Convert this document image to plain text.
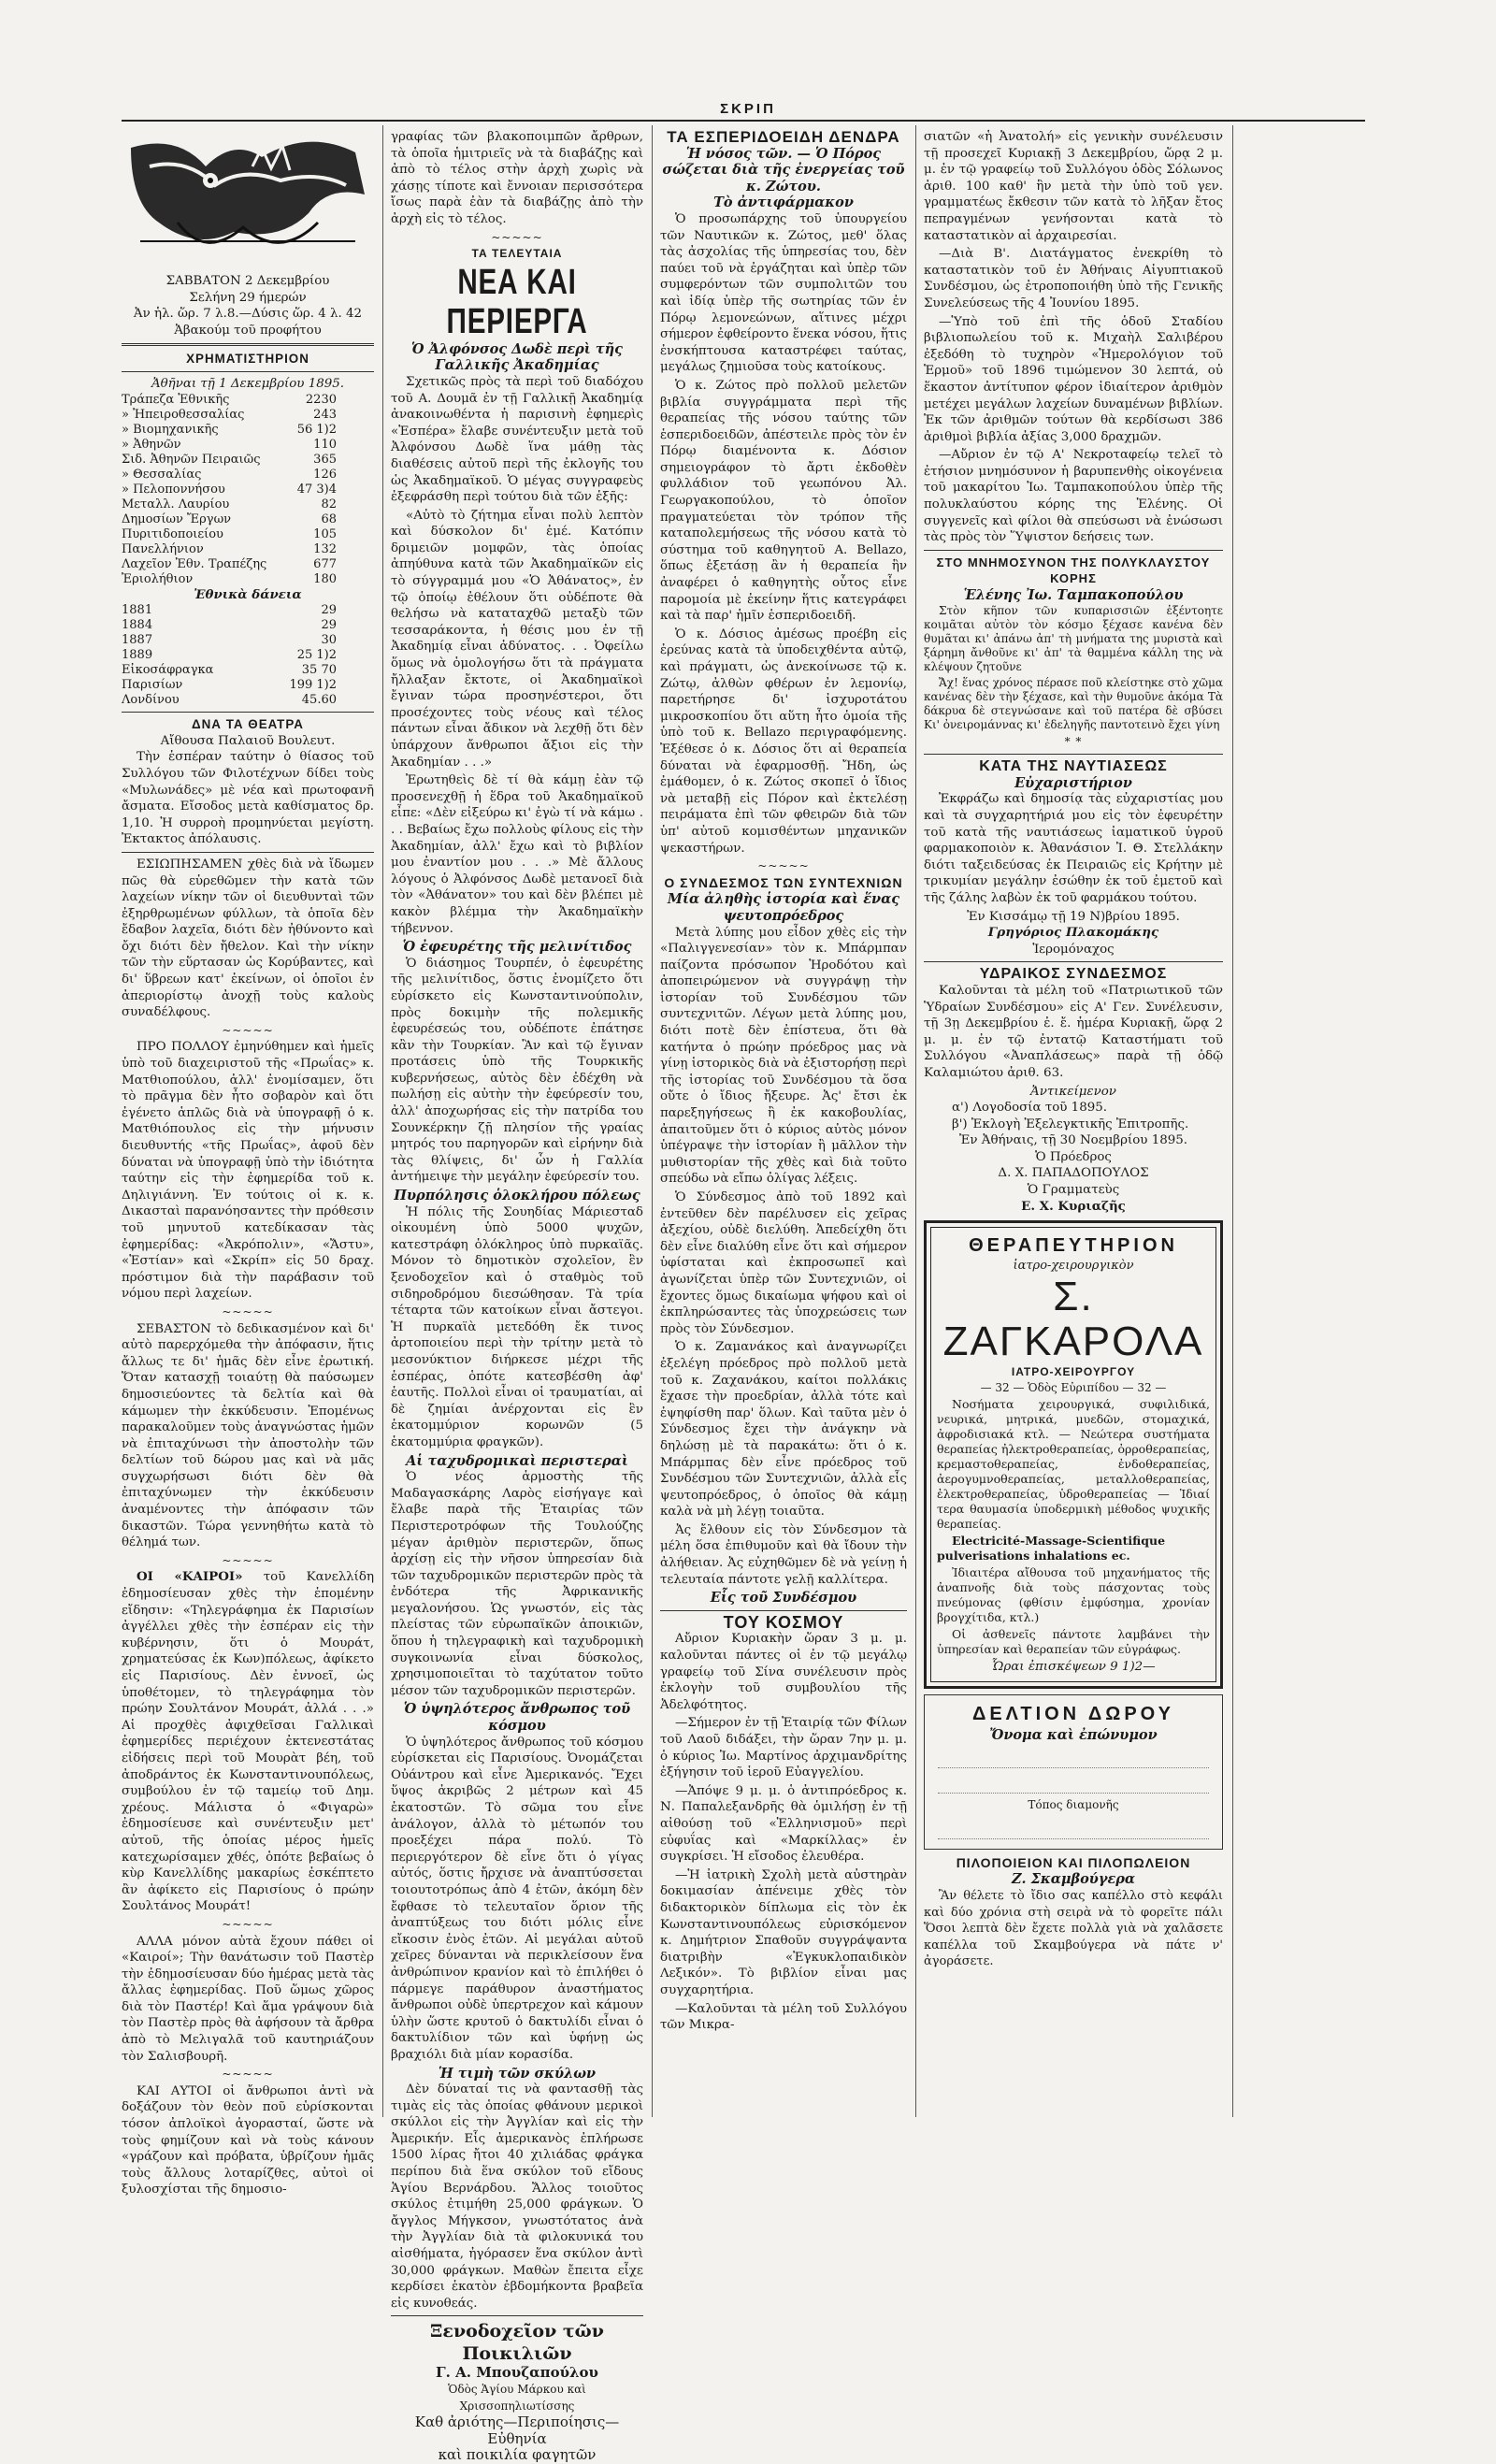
ΣΚΡΙΠ
ΣΑΒΒΑΤΟΝ 2 Δεκεμβρίου
Σελήνη 29 ήμερών
Ἀν ἡλ. ὥρ. 7 λ.8.—Δύσις ὥρ. 4 λ. 42
Ἀβακούμ τοῦ προφήτου
ΧΡΗΜΑΤΙΣΤΗΡΙΟΝ
Ἀθῆναι τῇ 1 Δεκεμβρίου 1895.
Τράπεζα Ἐθνικῆς	2230
» Ἠπειροθεσσαλίας	243
» Βιομηχανικῆς	56 1)2
» Ἀθηνῶν	110
Σιδ. Ἀθηνῶν Πειραιῶς	365
» Θεσσαλίας	126
» Πελοποννήσου	47 3)4
Μεταλλ. Λαυρίου	82
Δημοσίων Ἔργων	68
Πυριτιδοποιείου	105
Πανελλήνιον	132
Λαχεῖον Ἐθν. Τραπέζης	677
Ἐριολήθιον	180
Ἐθνικὰ δάνεια
1881	29
1884	29
1887	30
1889	25 1)2
Εἰκοσάφραγκα	35 70
Παρισίων	199 1)2
Λονδίνου	45.60
ΔΝΑ ΤΑ ΘΕΑΤΡΑ
Αἴθουσα Παλαιοῦ Βουλευτ.

Τὴν ἑσπέραν ταύτην ὁ θίασος τοῦ Συλλόγου τῶν Φιλοτέχνων δίδει τοὺς «Μυλωνάδες» μὲ νέα καὶ πρωτοφανῆ ἄσματα. Εἴσοδος μετὰ καθίσματος δρ. 1,10. Ἡ συρροὴ προμηνύεται μεγίστη. Ἐκτακτος ἀπόλαυσις.

ΕΣΙΩΠΗΣΑΜΕΝ χθὲς διὰ νὰ ἴδωμεν πῶς θὰ εὑρεθῶμεν τὴν κατὰ τῶν λαχείων νίκην τῶν οἱ διευθυνταὶ τῶν ἐξηρθρωμένων φύλλων, τὰ ὁποῖα δὲν ἔδαβον λαχεῖα, διότι δὲν ἠθύνοντο καὶ ὄχι διότι δὲν ἤθελον. Καὶ τὴν νίκην τῶν τὴν εὕρτασαν ὡς Κορύβαντες, καὶ δι' ὕβρεων κατ' ἐκείνων, οἱ ὁποῖοι ἐν ἀπεριορίστῳ ἀνοχῇ τοὺς καλοὺς συναδέλφους.

~~~~~

ΠΡΟ ΠΟΛΛΟΥ ἐμηνύθημεν καὶ ἡμεῖς ὑπὸ τοῦ διαχειριστοῦ τῆς «Πρωΐας» κ. Ματθιοπούλου, ἀλλ' ἐνομίσαμεν, ὅτι τὸ πρᾶγμα δὲν ἦτο σοβαρὸν καὶ ὅτι ἐγένετο ἁπλῶς διὰ νὰ ὑπογραφῇ ὁ κ. Ματθιόπουλος εἰς τὴν μήνυσιν διευθυντής «τῆς Πρωΐας», ἀφοῦ δὲν δύναται νὰ ὑπογραφῇ ὑπὸ τὴν ἰδιότητα ταύτην εἰς τὴν ἐφημερίδα τοῦ κ. Δηλιγιάννη. Ἐν τούτοις οἱ κ. κ. Δικασταὶ παρανόησαντες τὴν πρόθεσιν τοῦ μηνυτοῦ κατεδίκασαν τὰς ἐφημερίδας: «Ἀκρόπολιν», «Ἄστυ», «Ἑστίαν» καὶ «Σκρίπ» εἰς 50 δραχ. πρόστιμον διὰ τὴν παράβασιν τοῦ νόμου περὶ λαχείων.

~~~~~

ΣΕΒΑΣΤΟΝ τὸ δεδικασμένον καὶ δι' αὐτὸ παρερχόμεθα τὴν ἀπόφασιν, ἥτις ἄλλως τε δι' ἡμᾶς δὲν εἶνε ἐρωτική. Ὅταν κατασχῇ τοιαύτῃ θὰ παύσωμεν δημοσιεύοντες τὰ δελτία καὶ θὰ κάμωμεν τὴν ἐκκύδευσιν. Ἐπομένως παρακαλοῦμεν τοὺς ἀναγνώστας ἡμῶν νὰ ἐπιταχύνωσι τὴν ἀποστολὴν τῶν δελτίων τοῦ δώρου μας καὶ νὰ μᾶς συγχωρήσωσι διότι δὲν θὰ ἐπιταχύνωμεν τὴν ἐκκύδευσιν ἀναμένοντες τὴν ἀπόφασιν τῶν δικαστῶν. Τώρα γεννηθήτω κατὰ τὸ θέλημά των.

~~~~~

ΟΙ «ΚΑΙΡΟΙ» τοῦ Κανελλίδη ἐδημοσίευσαν χθὲς τὴν ἑπομένην εἴδησιν: «Τηλεγράφημα ἐκ Παρισίων ἀγγέλλει χθὲς τὴν ἑσπέραν εἰς τὴν κυβέρνησιν, ὅτι ὁ Μουράτ, χρηματεύσας ἐκ Κων)πόλεως, ἀφίκετο εἰς Παρισίους. Δὲν ἐννοεῖ, ὡς ὑποθέτομεν, τὸ τηλεγράφημα τὸν πρώην Σουλτάνον Μουράτ, ἀλλά . . .» Αἱ προχθὲς ἀφιχθεῖσαι Γαλλικαὶ ἐφημερίδες περιέχουν ἐκτενεστάτας εἰδήσεις περὶ τοῦ Μουρὰτ βέη, τοῦ ἀποδράντος ἐκ Κωνσταντινουπόλεως, συμβούλου ἐν τῷ ταμείῳ τοῦ Δημ. χρέους. Μάλιστα ὁ «Φιγαρὼ» ἐδημοσίευσε καὶ συνέντευξιν μετ' αὐτοῦ, τῆς ὁποίας μέρος ἡμεῖς κατεχωρίσαμεν χθές, ὁπότε βεβαίως ὁ κὺρ Κανελλίδης μακαρίως ἐσκέπτετο ἂν ἀφίκετο εἰς Παρισίους ὁ πρώην Σουλτάνος Μουράτ!

~~~~~

ΑΛΛΑ μόνον αὐτὰ ἔχουν πάθει οἱ «Καιροί»; Τὴν θανάτωσιν τοῦ Παστὲρ τὴν ἐδημοσίευσαν δύο ἡμέρας μετὰ τὰς ἄλλας ἐφημερίδας. Ποῦ ὥμως χῶρος διὰ τὸν Παστέρ! Καὶ ἅμα γράψουν διὰ τὸν Παστὲρ πρὸς θὰ ἀφήσουν τὰ ἄρθρα ἀπὸ τὸ Μελιγαλᾶ τοῦ καυτηριάζουν τὸν Σαλισβουρῆ.

~~~~~

ΚΑΙ ΑΥΤΟΙ οἱ ἄνθρωποι ἀντὶ νὰ δοξάζουν τὸν θεὸν ποῦ εὑρίσκονται τόσον ἀπλοϊκοὶ ἀγορασταί, ὥστε νὰ τοὺς φημίζουν καὶ νὰ τοὺς κάνουν «γράζουν καὶ πρόβατα, ὑβρίζουν ἡμᾶς τοὺς ἄλλους λοταρίζθες, αὐτοὶ οἱ ξυλοσχίσται τῆς δημοσιο-

γραφίας τῶν βλακοποιμπῶν ἄρθρων, τὰ ὁποῖα ἡμιτριεῖς νὰ τὰ διαβάζῃς καὶ ἀπὸ τὸ τέλος στὴν ἀρχὴ χωρὶς νὰ χάσῃς τίποτε καὶ ἔννοιαν περισσότερα ἴσως παρὰ ἐὰν τὰ διαβάζῃς ἀπὸ τὴν ἀρχὴ εἰς τὸ τέλος.

~~~~~
ΤΑ ΤΕΛΕΥΤΑΙΑ
ΝΕΑ ΚΑΙ ΠΕΡΙΕΡΓΑ
Ὁ Ἀλφόνσος Δωδὲ περὶ τῆς Γαλλικῆς Ἀκαδημίας

Σχετικῶς πρὸς τὰ περὶ τοῦ διαδόχου τοῦ Α. Δουμᾶ ἐν τῇ Γαλλικῇ Ἀκαδημίᾳ ἀνακοινωθέντα ἡ παρισινὴ ἐφημερὶς «Ἑσπέρα» ἔλαβε συνέντευξιν μετὰ τοῦ Ἀλφόνσου Δωδὲ ἵνα μάθῃ τὰς διαθέσεις αὐτοῦ περὶ τῆς ἐκλογῆς του ὡς Ἀκαδημαϊκοῦ. Ὁ μέγας συγγραφεὺς ἐξεφράσθη περὶ τούτου διὰ τῶν ἑξῆς:

«Αὐτὸ τὸ ζήτημα εἶναι πολὺ λεπτὸν καὶ δύσκολον δι' ἐμέ. Κατόπιν δριμειῶν μομφῶν, τὰς ὁποίας ἀπηύθυνα κατὰ τῶν Ἀκαδημαϊκῶν εἰς τὸ σύγγραμμά μου «Ὁ Ἀθάνατος», ἐν τῷ ὁποίῳ ἐθέλουν ὅτι οὐδέποτε θὰ θελήσω νὰ καταταχθῶ μεταξὺ τῶν τεσσαράκοντα, ἡ θέσις μου ἐν τῇ Ἀκαδημίᾳ εἶναι ἀδύνατος. . . Ὀφείλω ὅμως νὰ ὁμολογήσω ὅτι τὰ πράγματα ἤλλαξαν ἔκτοτε, οἱ Ἀκαδημαϊκοὶ ἔγιναν τώρα προσηνέστεροι, ὅτι προσέχοντες τοὺς νέους καὶ τέλος πάντων εἶναι ἄδικον νὰ λεχθῇ ὅτι δὲν ὑπάρχουν ἄνθρωποι ἄξιοι εἰς τὴν Ἀκαδημίαν . . .»

Ἐρωτηθεὶς δὲ τί θὰ κάμῃ ἐὰν τῷ προσενεχθῇ ἡ ἕδρα τοῦ Ἀκαδημαϊκοῦ εἶπε: «Δὲν εἰξεύρω κι' ἐγὼ τί νὰ κάμω . . . Βεβαίως ἔχω πολλοὺς φίλους εἰς τὴν Ἀκαδημίαν, ἀλλ' ἔχω καὶ τὸ βιβλίον μου ἐναντίον μου . . .» Μὲ ἄλλους λόγους ὁ Ἀλφόνσος Δωδὲ μετανοεῖ διὰ τὸν «Ἀθάνατον» του καὶ δὲν βλέπει μὲ κακὸν βλέμμα τὴν Ἀκαδημαϊκὴν τήβεννον.

Ὁ ἐφευρέτης τῆς μελινίτιδος

Ὁ διάσημος Τουρπέν, ὁ ἐφευρέτης τῆς μελινίτιδος, ὅστις ἐνομίζετο ὅτι εὑρίσκετο εἰς Κωνσταντινούπολιν, πρὸς δοκιμὴν τῆς πολεμικῆς ἐφευρέσεώς του, οὐδέποτε ἐπάτησε κἂν τὴν Τουρκίαν. Ἂν καὶ τῷ ἔγιναν προτάσεις ὑπὸ τῆς Τουρκικῆς κυβερνήσεως, αὐτὸς δὲν ἐδέχθη νὰ πωλήσῃ εἰς αὐτὴν τὴν ἐφεύρεσίν του, ἀλλ' ἀποχωρήσας εἰς τὴν πατρίδα του Σουνκέρκην ζῇ πλησίον τῆς γραίας μητρός του παρηγορῶν καὶ εἰρήνην διὰ τὰς θλίψεις, δι' ὧν ἡ Γαλλία ἀντήμειψε τὴν μεγάλην ἐφεύρεσίν του.

Πυρπόλησις ὁλοκλήρου πόλεως

Ἡ πόλις τῆς Σουηδίας Μάριεσταδ οἰκουμένη ὑπὸ 5000 ψυχῶν, κατεστράφη ὁλόκληρος ὑπὸ πυρκαϊᾶς. Μόνον τὸ δημοτικὸν σχολεῖον, ἓν ξενοδοχεῖον καὶ ὁ σταθμὸς τοῦ σιδηροδρόμου διεσώθησαν. Τὰ τρία τέταρτα τῶν κατοίκων εἶναι ἄστεγοι. Ἡ πυρκαϊὰ μετεδόθη ἔκ τινος ἀρτοποιείου περὶ τὴν τρίτην μετὰ τὸ μεσονύκτιον διήρκεσε μέχρι τῆς ἑσπέρας, ὁπότε κατεσβέσθη ἀφ' ἑαυτῆς. Πολλοὶ εἶναι οἱ τραυματίαι, αἱ δὲ ζημίαι ἀνέρχονται εἰς ἓν ἑκατομμύριον κορωνῶν (5 ἑκατομμύρια φραγκῶν).

Αἱ ταχυδρομικαὶ περιστεραὶ

Ὁ νέος ἁρμοστὴς τῆς Μαδαγασκάρης Λαρὸς εἰσήγαγε καὶ ἔλαβε παρὰ τῆς Ἑταιρίας τῶν Περιστεροτρόφων τῆς Τουλούζης μέγαν ἀριθμὸν περιστερῶν, ὅπως ἀρχίσῃ εἰς τὴν νῆσον ὑπηρεσίαν διὰ τῶν ταχυδρομικῶν περιστερῶν πρὸς τὰ ἐνδότερα τῆς Ἀφρικανικῆς μεγαλονήσου. Ὡς γνωστόν, εἰς τὰς πλείστας τῶν εὐρωπαϊκῶν ἀποικιῶν, ὅπου ἡ τηλεγραφικὴ καὶ ταχυδρομικὴ συγκοινωνία εἶναι δύσκολος, χρησιμοποιεῖται τὸ ταχύτατον τοῦτο μέσον τῶν ταχυδρομικῶν περιστερῶν.

Ὁ ὑψηλότερος ἄνθρωπος τοῦ κόσμου

Ὁ ὑψηλότερος ἄνθρωπος τοῦ κόσμου εὑρίσκεται εἰς Παρισίους. Ὀνομάζεται Οὐάντρου καὶ εἶνε Ἀμερικανός. Ἔχει ὕψος ἀκριβῶς 2 μέτρων καὶ 45 ἑκατοστῶν. Τὸ σῶμα του εἶνε ἀνάλογον, ἀλλὰ τὸ μέτωπόν του προεξέχει πάρα πολύ. Τὸ περιεργότερον δὲ εἶνε ὅτι ὁ γίγας αὐτός, ὅστις ἤρχισε νὰ ἀναπτύσσεται τοιουτοτρόπως ἀπὸ 4 ἐτῶν, ἀκόμη δὲν ἔφθασε τὸ τελευταῖον ὅριον τῆς ἀναπτύξεως του διότι μόλις εἶνε εἴκοσιν ἐνὸς ἐτῶν. Αἱ μεγάλαι αὐτοῦ χεῖρες δύνανται νὰ περικλείσουν ἕνα ἀνθρώπινον κρανίον καὶ τὸ ἐπιλήθει ὁ πάρμεγε παράθυρον ἀναστήματος ἄνθρωποι οὐδὲ ὑπερτρεχον καὶ κάμουν ὑλὴν ὥστε κρυτοῦ ὁ δακτυλίδι εἶναι ὁ δακτυλίδιον τῶν καὶ ὑφήνῃ ὡς βραχιόλι διὰ μίαν κορασίδα.

Ἡ τιμὴ τῶν σκύλων

Δὲν δύναταί τις νὰ φαντασθῇ τὰς τιμὰς εἰς τὰς ὁποίας φθάνουν μερικοὶ σκύλλοι εἰς τὴν Ἀγγλίαν καὶ εἰς τὴν Ἀμερικήν. Εἷς ἀμερικανὸς ἐπλήρωσε 1500 λίρας ἤτοι 40 χιλιάδας φράγκα περίπου διὰ ἕνα σκύλον τοῦ εἴδους Ἁγίου Βερνάρδου. Ἄλλος τοιοῦτος σκύλος ἐτιμήθη 25,000 φράγκων. Ὁ ἄγγλος Μήγκσον, γνωστότατος ἀνὰ τὴν Ἀγγλίαν διὰ τὰ φιλοκυνικά του αἰσθήματα, ἠγόρασεν ἕνα σκύλον ἀντὶ 30,000 φράγκων. Μαθὼν ἔπειτα εἶχε κερδίσει ἑκατὸν ἐβδομήκοντα βραβεῖα εἰς κυνοθεάς.

Ξενοδοχεῖον τῶν Ποικιλιῶν
Γ. Α. Μπουζαπούλου
Ὁδὸς Ἁγίου Μάρκου καὶ Χρισσοπηλιωτίσσης
Καθ ἀριότης—Περιποίησις—Εὐθηνία
καὶ ποικιλία φαγητῶν
ΤΑ ΕΣΠΕΡΙΔΟΕΙΔΗ ΔΕΝΔΡΑ
Ἡ νόσος τῶν. — Ὁ Πόρος σώζεται διὰ τῆς ἐνεργείας τοῦ κ. Ζώτου.
Τὸ ἀντιφάρμακον

Ὁ προσωπάρχης τοῦ ὑπουργείου τῶν Ναυτικῶν κ. Ζώτος, μεθ' ὅλας τὰς ἀσχολίας τῆς ὑπηρεσίας του, δὲν παύει τοῦ νὰ ἐργάζηται καὶ ὑπὲρ τῶν συμφερόντων τῶν συμπολιτῶν του καὶ ἰδίᾳ ὑπὲρ τῆς σωτηρίας τῶν ἐν Πόρῳ λεμονεώνων, αἵτινες μέχρι σήμερον ἐφθείροντο ἕνεκα νόσου, ἥτις ἐνσκήπτουσα καταστρέφει ταύτας, μεγάλως ζημιοῦσα τοὺς κατοίκους.

Ὁ κ. Ζώτος πρὸ πολλοῦ μελετῶν βιβλία συγγράμματα περὶ τῆς θεραπείας τῆς νόσου ταύτης τῶν ἑσπεριδοειδῶν, ἀπέστειλε πρὸς τὸν ἐν Πόρῳ διαμένοντα κ. Δόσιον σημειογράφον τὸ ἄρτι ἐκδοθὲν φυλλάδιον τοῦ γεωπόνου Ἀλ. Γεωργακοπούλου, τὸ ὁποῖον πραγματεύεται τὸν τρόπον τῆς καταπολεμήσεως τῆς νόσου κατὰ τὸ σύστημα τοῦ καθηγητοῦ Α. Bellazo, ὅπως ἐξετάσῃ ἂν ἡ θεραπεία ἣν ἀναφέρει ὁ καθηγητὴς οὗτος εἶνε παρομοία μὲ ἐκείνην ἥτις κατεγράφει καὶ τὰ παρ' ἡμῖν ἑσπεριδοειδῆ.

Ὁ κ. Δόσιος ἀμέσως προέβη εἰς ἐρεύνας κατὰ τὰ ὑποδειχθέντα αὐτῷ, καὶ πράγματι, ὡς ἀνεκοίνωσε τῷ κ. Ζώτῳ, ἀλθὼν φθέρων ἐν λεμονίῳ, παρετήρησε δι' ἰσχυροτάτου μικροσκοπίου ὅτι αὕτη ἦτο ὁμοία τῆς ὑπὸ τοῦ κ. Bellazo περιγραφόμενης. Ἐξέθεσε ὁ κ. Δόσιος ὅτι αἱ θεραπεία δύναται νὰ ἐφαρμοσθῇ. Ἤδη, ὡς ἐμάθομεν, ὁ κ. Ζώτος σκοπεῖ ὁ ἴδιος νὰ μεταβῇ εἰς Πόρον καὶ ἐκτελέσῃ πειράματα ἐπὶ τῶν φθειρῶν διὰ τῶν ὑπ' αὐτοῦ κομισθέντων μηχανικῶν ψεκαστήρων.

~~~~~
Ο ΣΥΝΔΕΣΜΟΣ ΤΩΝ ΣΥΝΤΕΧΝΙΩΝ
Μία ἀληθὴς ἱστορία καὶ ἕνας ψευτοπρόεδρος

Μετὰ λύπης μου εἶδον χθὲς εἰς τὴν «Παλιγγενεσίαν» τὸν κ. Μπάρμπαν παίζοντα πρόσωπον Ἡροδότου καὶ ἀποπειρώμενον νὰ συγγράψῃ τὴν ἱστορίαν τοῦ Συνδέσμου τῶν συντεχνιτῶν. Λέγων μετὰ λύπης μου, διότι ποτὲ δὲν ἐπίστευα, ὅτι θὰ κατήντα ὁ πρώην πρόεδρος μας νὰ γίνῃ ἱστορικὸς διὰ νὰ ἐξιστορήσῃ περὶ τῆς ἱστορίας τοῦ Συνδέσμου τὰ ὅσα οὔτε ὁ ἴδιος ἤξευρε. Ἀς' ἔτσι ἐκ παρεξηγήσεως ἢ ἐκ κακοβουλίας, ἀπαιτοῦμεν ὅτι ὁ κύριος αὐτὸς μόνον ὑπέγραψε τὴν ἱστορίαν ἢ μᾶλλον τὴν μυθιστορίαν τῆς χθὲς καὶ διὰ τοῦτο σπεύδω νὰ εἴπω ὀλίγας λέξεις.

Ὁ Σύνδεσμος ἀπὸ τοῦ 1892 καὶ ἐντεῦθεν δὲν παρέλυσεν εἰς χεῖρας ἀξεχίου, οὐδὲ διελύθη. Ἀπεδείχθη ὅτι δὲν εἶνε διαλύθη εἶνε ὅτι καὶ σήμερον ὑφίσταται καὶ ἐκπροσωπεῖ καὶ ἀγωνίζεται ὑπὲρ τῶν Συντεχνιῶν, οἱ ἔχοντες ὅμως δικαίωμα ψήφου καὶ οἱ ἐκπληρώσαντες τὰς ὑποχρεώσεις των πρὸς τὸν Σύνδεσμον.

Ὁ κ. Ζαμανάκος καὶ ἀναγνωρίζει ἐξελέγη πρόεδρος πρὸ πολλοῦ μετὰ τοῦ κ. Ζαχανάκου, καίτοι πολλάκις ἔχασε τὴν προεδρίαν, ἀλλὰ τότε καὶ ἐψηφίσθη παρ' ὅλων. Καὶ ταῦτα μὲν ὁ Σύνδεσμος ἔχει τὴν ἀνάγκην νὰ δηλώσῃ μὲ τὰ παρακάτω: ὅτι ὁ κ. Μπάρμπας δὲν εἶνε πρόεδρος τοῦ Συνδέσμου τῶν Συντεχνιῶν, ἀλλὰ εἷς ψευτοπρόεδρος, ὁ ὁποῖος θὰ κάμῃ καλὰ νὰ μὴ λέγῃ τοιαῦτα.

Ἀς ἔλθουν εἰς τὸν Σύνδεσμον τὰ μέλη ὅσα ἐπιθυμοῦν καὶ θὰ ἴδουν τὴν ἀλήθειαν. Ἀς εὐχηθῶμεν δὲ νὰ γείνῃ ἡ τελευταία πάντοτε γελῇ καλλίτερα.

Εἷς τοῦ Συνδέσμου
ΤΟΥ ΚΟΣΜΟΥ

Αὔριον Κυριακὴν ὥραν 3 μ. μ. καλοῦνται πάντες οἱ ἐν τῷ μεγάλῳ γραφείῳ τοῦ Σίνα συνέλευσιν πρὸς ἐκλογὴν τοῦ συμβουλίου τῆς Ἀδελφότητος.

—Σήμερον ἐν τῇ Ἑταιρίᾳ τῶν Φίλων τοῦ Λαοῦ διδάξει, τὴν ὥραν 7ην μ. μ. ὁ κύριος Ἰω. Μαρτίνος ἀρχιμανδρίτης ἐξήγησιν τοῦ ἱεροῦ Εὐαγγελίου.

—Ἀπόψε 9 μ. μ. ὁ ἀντιπρόεδρος κ. Ν. Παπαλεξανδρῆς θὰ ὁμιλήσῃ ἐν τῇ αἰθούσῃ τοῦ «Ἑλληνισμοῦ» περὶ εὐφυΐας καὶ «Μαρκίλλας» ἐν συγκρίσει. Ἡ εἴσοδος ἐλευθέρα.

—Ἡ ἰατρικὴ Σχολὴ μετὰ αὐστηρὰν δοκιμασίαν ἀπένειμε χθὲς τὸν διδακτορικὸν δίπλωμα εἰς τὸν ἐκ Κωνσταντινουπόλεως εὐρισκόμενον κ. Δημήτριον Σπαθοῦν συγγράψαντα διατριβὴν «Ἐγκυκλοπαιδικὸν Λεξικόν». Τὸ βιβλίον εἶναι μας συγχαρητήρια.

—Καλοῦνται τὰ μέλη τοῦ Συλλόγου τῶν Μικρα-

σιατῶν «ἡ Ἀνατολή» εἰς γενικὴν συνέλευσιν τῇ προσεχεῖ Κυριακῇ 3 Δεκεμβρίου, ὥρᾳ 2 μ. μ. ἐν τῷ γραφείῳ τοῦ Συλλόγου ὁδὸς Σόλωνος ἀριθ. 100 καθ' ἣν μετὰ τὴν ὑπὸ τοῦ γεν. γραμματέως ἔκθεσιν τῶν κατὰ τὸ λῆξαν ἔτος πεπραγμένων γενήσονται κατὰ τὸ καταστατικὸν αἱ ἀρχαιρεσίαι.

—Διὰ Β'. Διατάγματος ἐνεκρίθη τὸ καταστατικὸν τοῦ ἐν Ἀθήναις Αἰγυπτιακοῦ Συνδέσμου, ὡς ἐτροποποιήθη ὑπὸ τῆς Γενικῆς Συνελεύσεως τῆς 4 Ἰουνίου 1895.

—Ὑπὸ τοῦ ἐπὶ τῆς ὁδοῦ Σταδίου βιβλιοπωλείου τοῦ κ. Μιχαὴλ Σαλιβέρου ἐξεδόθη τὸ τυχηρὸν «Ἡμερολόγιον τοῦ Ἑρμοῦ» τοῦ 1896 τιμώμενον 30 λεπτά, οὐ ἕκαστον ἀντίτυπον φέρον ἰδιαίτερον ἀριθμὸν μετέχει μεγάλων λαχείων δυναμένων βιβλίων. Ἐκ τῶν ἀριθμῶν τούτων θὰ κερδίσωσι 386 ἀριθμοὶ βιβλία ἀξίας 3,000 δραχμῶν.

—Αὔριον ἐν τῷ Α' Νεκροταφείῳ τελεῖ τὸ ἐτήσιον μνημόσυνον ἡ βαρυπενθὴς οἰκογένεια τοῦ μακαρίτου Ἰω. Ταμπακοπούλου ὑπὲρ τῆς πολυκλαύστου κόρης της Ἑλένης. Οἱ συγγενεῖς καὶ φίλοι θὰ σπεύσωσι νὰ ἐνώσωσι τὰς πρὸς τὸν Ὕψιστον δεήσεις των.

ΣΤΟ ΜΝΗΜΟΣΥΝΟΝ ΤΗΣ ΠΟΛΥΚΛΑΥΣΤΟΥ ΚΟΡΗΣ
Ἑλένης Ἰω. Ταμπακοπούλου

Στὸν κῆπον τῶν κυπαρισσιῶν ἐξέντοητε κοιμᾶται αὐτὸν τὸν κόσμο ξέχασε κανένα δὲν θυμᾶται κι' ἀπάνω ἀπ' τὴ μνήματα της μυριστὰ καὶ ξάρημη ἄνθοῦνε κι' ἀπ' τὰ θαμμένα κάλλη της νὰ κλέψουν ζητοῦνε

Ἄχ! ἕνας χρόνος πέρασε ποῦ κλείστηκε στὸ χῶμα κανένας δὲν τὴν ξέχασε, καὶ τὴν θυμοῦνε ἀκόμα Τὰ δάκρυα δὲ στεγνώσανε καὶ τοῦ πατέρα δὲ σβύσει Κι' ὀνειρομάννας κι' ἐδεληγῆς παντοτεινὸ ἔχει γίνη

* *
ΚΑΤΑ ΤΗΣ ΝΑΥΤΙΑΣΕΩΣ
Εὐχαριστήριον

Ἐκφράζω καὶ δημοσίᾳ τὰς εὐχαριστίας μου καὶ τὰ συγχαρητήριά μου εἰς τὸν ἐφευρέτην τοῦ κατὰ τῆς ναυτιάσεως ἰαματικοῦ ὑγροῦ φαρμακοποιὸν κ. Ἀθανάσιον Ἰ. Θ. Στελλάκην διότι ταξειδεύσας ἐκ Πειραιῶς εἰς Κρήτην μὲ τρικυμίαν μεγάλην ἐσώθην ἐκ τοῦ ἐμετοῦ καὶ τῆς ζάλης λαβὼν ἐκ τοῦ φαρμάκου τούτου.

Ἐν Κισσάμῳ τῇ 19 Ν)βρίου 1895.
Γρηγόριος Πλακομάκης
Ἱερομόναχος
ΥΔΡΑΙΚΟΣ ΣΥΝΔΕΣΜΟΣ

Καλοῦνται τὰ μέλη τοῦ «Πατριωτικοῦ τῶν Ὑδραίων Συνδέσμου» εἰς Α' Γεν. Συνέλευσιν, τῇ 3ῃ Δεκεμβρίου ἐ. ἔ. ἡμέρα Κυριακῇ, ὥρᾳ 2 μ. μ. ἐν τῷ ἐντατῷ Καταστήματι τοῦ Συλλόγου «Ἀναπλάσεως» παρὰ τῇ ὁδῷ Καλαμιώτου ἀριθ. 63.

Ἀντικείμενον
α') Λογοδοσία τοῦ 1895.
β') Ἐκλογὴ Ἐξελεγκτικῆς Ἐπιτροπῆς.
Ἐν Ἀθήναις, τῇ 30 Νοεμβρίου 1895.
Ὁ Πρόεδρος
Δ. Χ. ΠΑΠΑΔΟΠΟΥΛΟΣ
Ὁ Γραμματεὺς
Ε. Χ. Κυριαζῆς
ΘΕΡΑΠΕΥΤΗΡΙΟΝ
ἰατρο-χειρουργικὸν
Σ. ΖΑΓΚΑΡΟΛΑ
ΙΑΤΡΟ-ΧΕΙΡΟΥΡΓΟΥ
— 32 — Ὁδὸς Εὐριπίδου — 32 —

Νοσήματα χειρουργικά, συφιλιδικά, νευρικά, μητρικά, μυεδῶν, στομαχικά, ἀφροδισιακά κτλ. — Νεώτερα συστήματα θεραπείας ἠλεκτροθεραπείας, ὀρροθεραπείας, κρεμαστοθεραπείας, ἐνδοθεραπείας, ἀερογυμνοθεραπείας, μεταλλοθεραπείας, ἐλεκτροθεραπείας, ὑδροθεραπείας — Ἰδιαί τερα θαυμασία ὑποδερμικὴ μέθοδος ψυχικῆς θεραπείας.

Electricité-Massage-Scientifique pulverisations inhalations ec.

Ἰδιαιτέρα αἴθουσα τοῦ μηχανήματος τῆς ἀναπνοῆς διὰ τοὺς πάσχοντας τοὺς πνεύμονας (φθίσιν ἐμφύσημα, χρονίαν βρογχίτιδα, κτλ.)

Οἱ ἀσθενεῖς πάντοτε λαμβάνει τὴν ὑπηρεσίαν καὶ θεραπείαν τῶν εὐγράφως.

Ὧραι ἐπισκέψεων 9 1)2—
ΔΕΛΤΙΟΝ ΔΩΡΟΥ
Ὄνομα καὶ ἐπώνυμον
Τόπος διαμονῆς
ΠΙΛΟΠΟΙΕΙΟΝ ΚΑΙ ΠΙΛΟΠΩΛΕΙΟΝ
Ζ. Σκαμβούγερα

Ἂν θέλετε τὸ ἴδιο σας καπέλλο στὸ κεφάλι καὶ δύο χρόνια στὴ σειρὰ νὰ τὸ φορεῖτε πάλι Ὅσοι λεπτὰ δὲν ἔχετε πολλὰ γιὰ νὰ χαλᾶσετε καπέλλα τοῦ Σκαμβούγερα νὰ πάτε ν' ἀγοράσετε.
